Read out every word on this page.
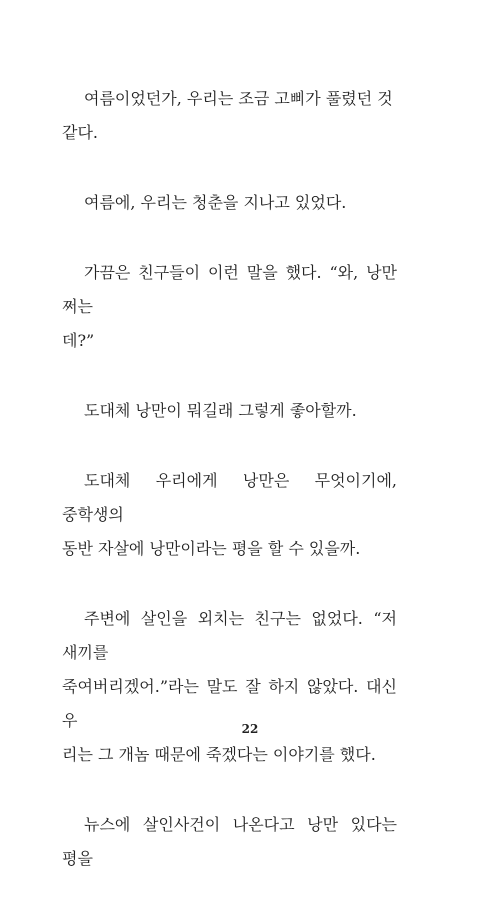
여름이었던가, 우리는 조금 고삐가 풀렸던 것
같다.

여름에, 우리는 청춘을 지나고 있었다.

가끔은 친구들이 이런 말을 했다. “와, 낭만 쩌는
데?”

도대체 낭만이 뭐길래 그렇게 좋아할까.

도대체 우리에게 낭만은 무엇이기에, 중학생의
동반 자살에 낭만이라는 평을 할 수 있을까.

주변에 살인을 외치는 친구는 없었다. “저 새끼를
죽여버리겠어.”라는 말도 잘 하지 않았다. 대신 우
리는 그 개놈 때문에 죽겠다는 이야기를 했다.

뉴스에 살인사건이 나온다고 낭만 있다는 평을

22
